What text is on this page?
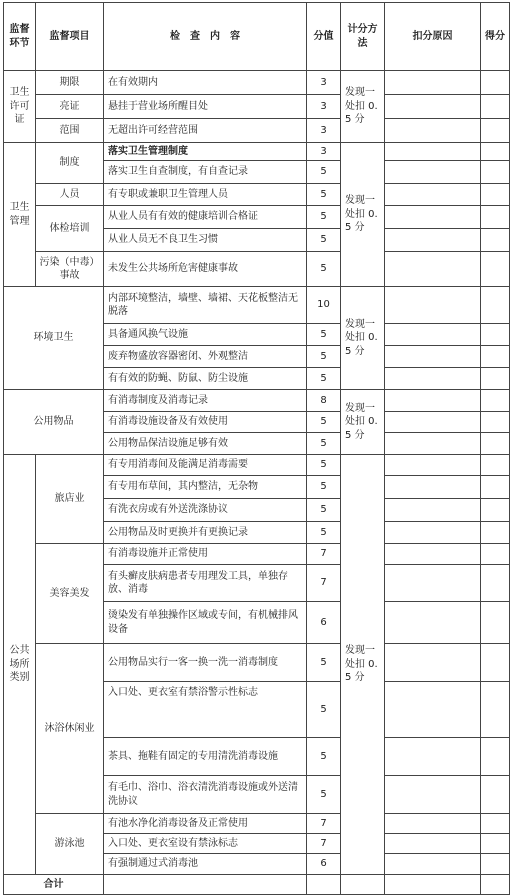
监督环节	监督项目	检　查　内　容	分值	计分方法	扣分原因	得分
卫生许可证	期限	在有效期内	3	发现一处扣 0.5 分		
	亮证	悬挂于营业场所醒目处	3			
	范围	无超出许可经营范围	3			
卫生管理	制度	落实卫生管理制度	3	发现一处扣 0.5 分		
		落实卫生自查制度，有自查记录	5			
	人员	有专职或兼职卫生管理人员	5			
	体检培训	从业人员有有效的健康培训合格证	5			
		从业人员无不良卫生习惯	5			
	污染（中毒）事故	未发生公共场所危害健康事故	5			
环境卫生		内部环境整洁，墙壁、墙裙、天花板整洁无脱落	10	发现一处扣 0.5 分		
		具备通风换气设施	5			
		废弃物盛放容器密闭、外观整洁	5			
		有有效的防蝇、防鼠、防尘设施	5			
公用物品		有消毒制度及消毒记录	8	发现一处扣 0.5 分		
		有消毒设施设备及有效使用	5			
		公用物品保洁设施足够有效	5			
公共场所类别	旅店业	有专用消毒间及能满足消毒需要	5	发现一处扣 0.5 分		
		有专用布草间，其内整洁，无杂物	5			
		有洗衣房或有外送洗涤协议	5			
		公用物品及时更换并有更换记录	5			
	美容美发	有消毒设施并正常使用	7			
		有头癣皮肤病患者专用理发工具，单独存放、消毒	7			
		烫染发有单独操作区域或专间，有机械排风设备	6			
	沐浴休闲业	公用物品实行一客一换一洗一消毒制度	5			
		入口处、更衣室有禁浴警示性标志	5			
		茶具、拖鞋有固定的专用清洗消毒设施	5			
		有毛巾、浴巾、浴衣清洗消毒设施或外送清洗协议	5			
	游泳池	有池水净化消毒设备及正常使用	7			
		入口处、更衣室设有禁泳标志	7			
		有强制通过式消毒池	6			
合计						
